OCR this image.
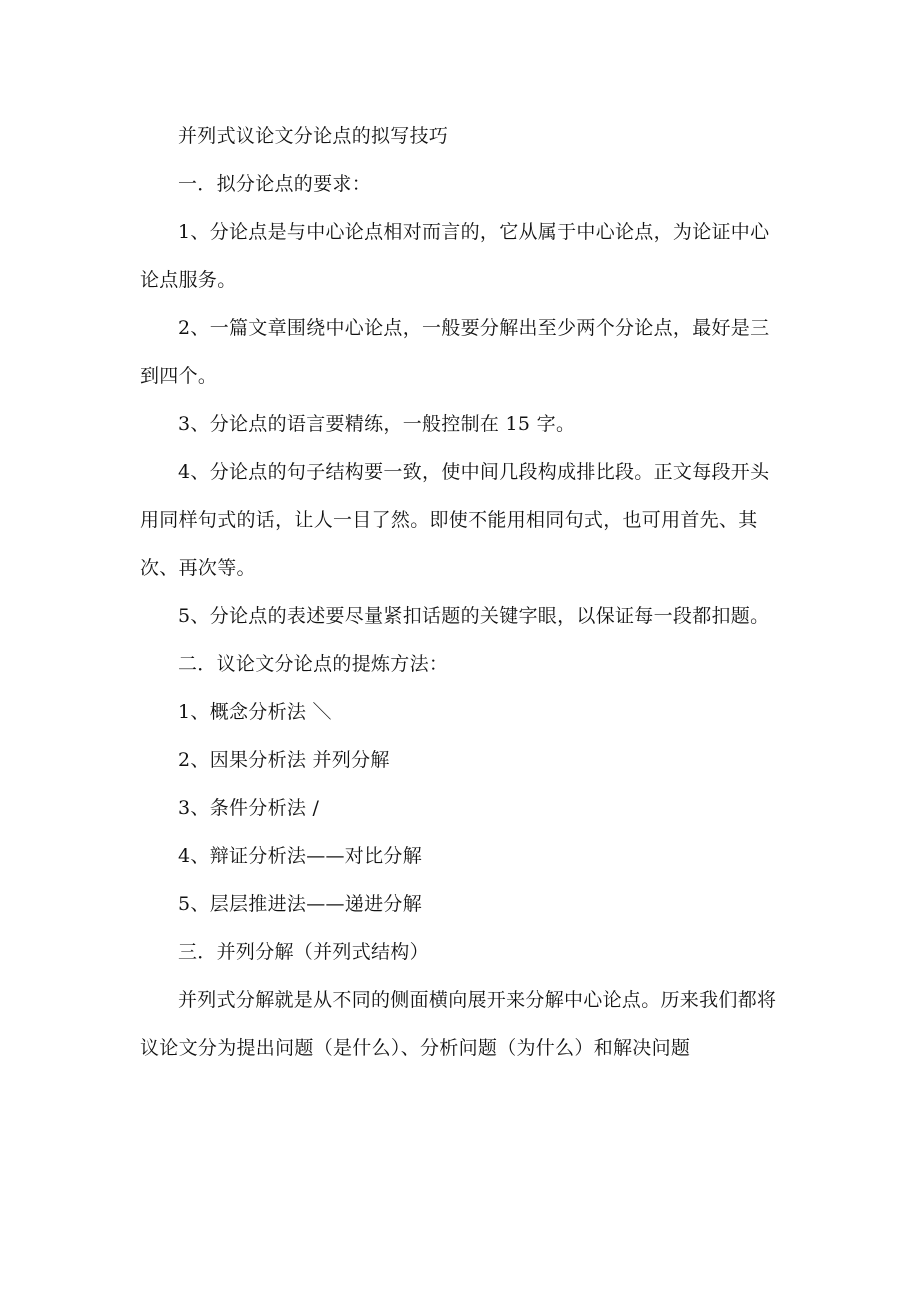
并列式议论文分论点的拟写技巧

一．拟分论点的要求：

1、分论点是与中心论点相对而言的，它从属于中心论点，为论证中心论点服务。

2、一篇文章围绕中心论点，一般要分解出至少两个分论点，最好是三到四个。

3、分论点的语言要精练，一般控制在 15 字。

4、分论点的句子结构要一致，使中间几段构成排比段。正文每段开头用同样句式的话，让人一目了然。即使不能用相同句式，也可用首先、其次、再次等。

5、分论点的表述要尽量紧扣话题的关键字眼，以保证每一段都扣题。

二．议论文分论点的提炼方法：

1、概念分析法 ＼

2、因果分析法 并列分解

3、条件分析法 /

4、辩证分析法——对比分解

5、层层推进法——递进分解

三．并列分解（并列式结构）

并列式分解就是从不同的侧面横向展开来分解中心论点。历来我们都将议论文分为提出问题（是什么）、分析问题（为什么）和解决问题
